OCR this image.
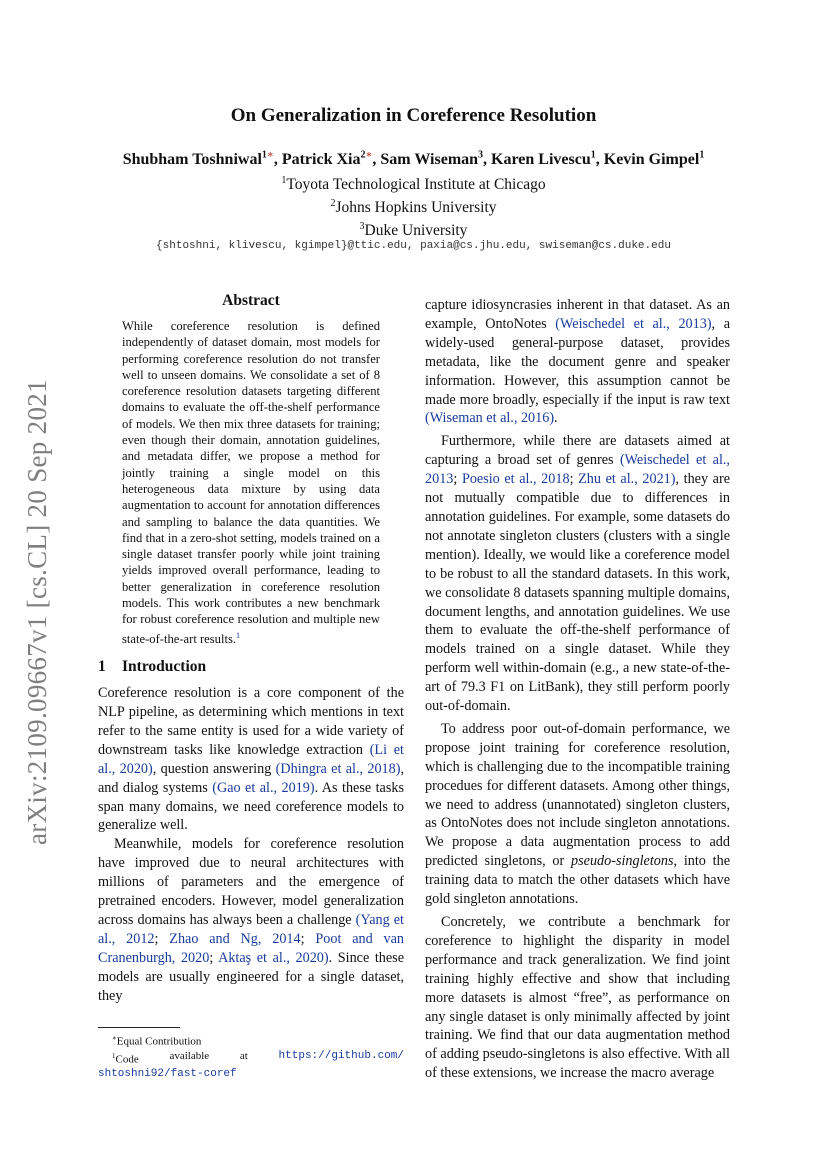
On Generalization in Coreference Resolution
Shubham Toshniwal$^{1∗}$, Patrick Xia$^{2∗}$, Sam Wiseman$^3$, Karen Livescu$^1$, Kevin Gimpel$^1$
$^1$Toyota Technological Institute at Chicago
$^2$Johns Hopkins University
$^3$Duke University
{shtoshni, klivescu, kgimpel}@ttic.edu, paxia@cs.jhu.edu, swiseman@cs.duke.edu
arXiv:2109.09667v1 [cs.CL] 20 Sep 2021
Abstract
While coreference resolution is defined independently of dataset domain, most models for performing coreference resolution do not transfer well to unseen domains. We consolidate a set of 8 coreference resolution datasets targeting different domains to evaluate the off-the-shelf performance of models. We then mix three datasets for training; even though their domain, annotation guidelines, and metadata differ, we propose a method for jointly training a single model on this heterogeneous data mixture by using data augmentation to account for annotation differences and sampling to balance the data quantities. We find that in a zero-shot setting, models trained on a single dataset transfer poorly while joint training yields improved overall performance, leading to better generalization in coreference resolution models. This work contributes a new benchmark for robust coreference resolution and multiple new state-of-the-art results.$^1$
1 Introduction

Coreference resolution is a core component of the NLP pipeline, as determining which mentions in text refer to the same entity is used for a wide variety of downstream tasks like knowledge extraction (Li et al., 2020), question answering (Dhingra et al., 2018), and dialog systems (Gao et al., 2019). As these tasks span many domains, we need coreference models to generalize well.

Meanwhile, models for coreference resolution have improved due to neural architectures with millions of parameters and the emergence of pretrained encoders. However, model generalization across domains has always been a challenge (Yang et al., 2012; Zhao and Ng, 2014; Poot and van Cranenburgh, 2020; Aktaş et al., 2020). Since these models are usually engineered for a single dataset, they

∗Equal Contribution
$^1$Code	available	at	https://github.com/
shtoshni92/fast-coref

capture idiosyncrasies inherent in that dataset. As an example, OntoNotes (Weischedel et al., 2013), a widely-used general-purpose dataset, provides metadata, like the document genre and speaker information. However, this assumption cannot be made more broadly, especially if the input is raw text (Wiseman et al., 2016).

Furthermore, while there are datasets aimed at capturing a broad set of genres (Weischedel et al., 2013; Poesio et al., 2018; Zhu et al., 2021), they are not mutually compatible due to differences in annotation guidelines. For example, some datasets do not annotate singleton clusters (clusters with a single mention). Ideally, we would like a coreference model to be robust to all the standard datasets. In this work, we consolidate 8 datasets spanning multiple domains, document lengths, and annotation guidelines. We use them to evaluate the off-the-shelf performance of models trained on a single dataset. While they perform well within-domain (e.g., a new state-of-the-art of 79.3 F1 on LitBank), they still perform poorly out-of-domain.

To address poor out-of-domain performance, we propose joint training for coreference resolution, which is challenging due to the incompatible training procedues for different datasets. Among other things, we need to address (unannotated) singleton clusters, as OntoNotes does not include singleton annotations. We propose a data augmentation process to add predicted singletons, or pseudo-singletons, into the training data to match the other datasets which have gold singleton annotations.

Concretely, we contribute a benchmark for coreference to highlight the disparity in model performance and track generalization. We find joint training highly effective and show that including more datasets is almost “free”, as performance on any single dataset is only minimally affected by joint training. We find that our data augmentation method of adding pseudo-singletons is also effective. With all of these extensions, we increase the macro average
